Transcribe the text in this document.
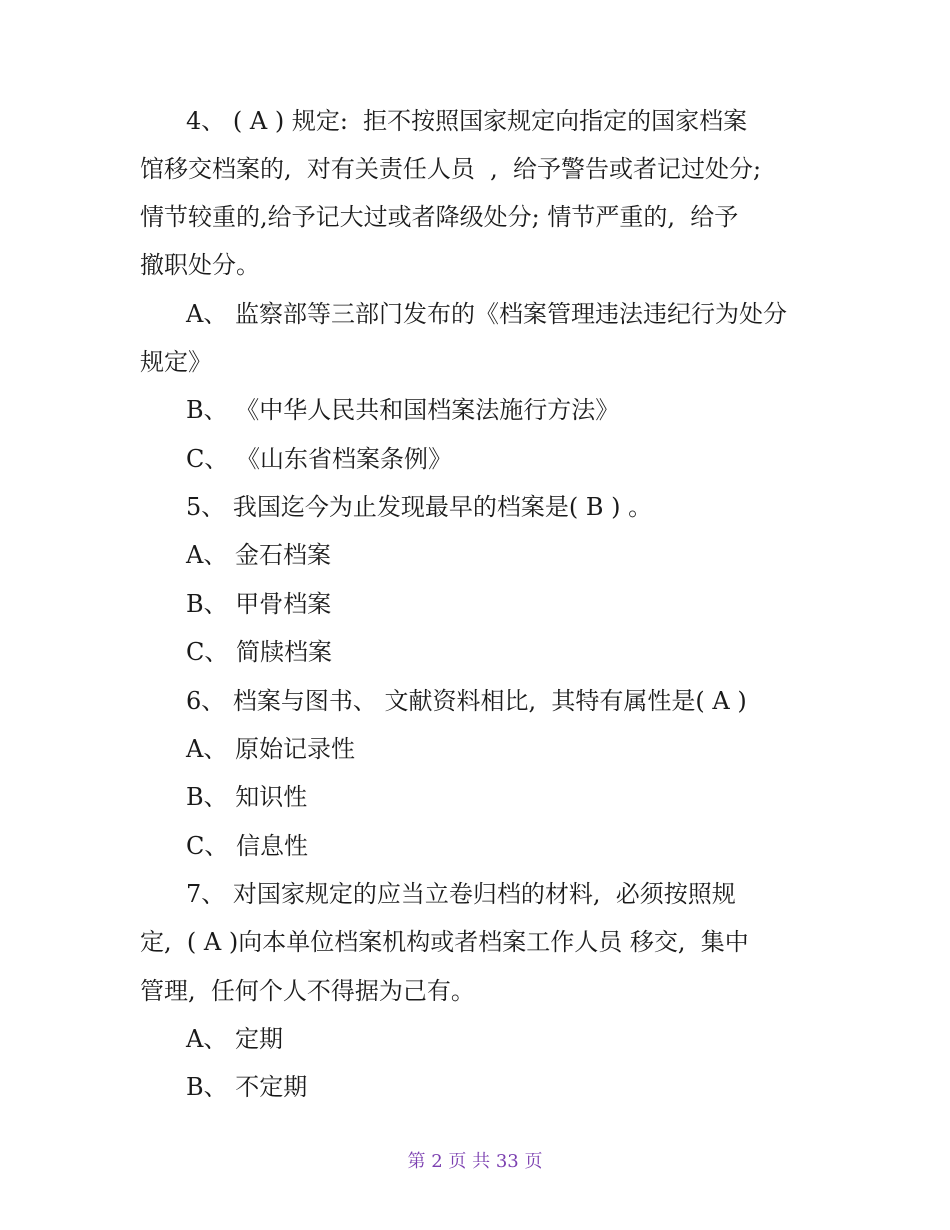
4、 ( A ) 规定:  拒不按照国家规定向指定的国家档案
馆移交档案的,  对有关责任人员  ,  给予警告或者记过处分;
情节较重的,给予记大过或者降级处分; 情节严重的,  给予
撤职处分。
A、 监察部等三部门发布的《档案管理违法违纪行为处分
规定》
B、 《中华人民共和国档案法施行方法》
C、 《山东省档案条例》
5、 我国迄今为止发现最早的档案是( B ) 。
A、 金石档案
B、 甲骨档案
C、 简牍档案
6、 档案与图书、 文献资料相比,  其特有属性是( A )
A、 原始记录性
B、 知识性
C、 信息性
7、 对国家规定的应当立卷归档的材料,  必须按照规
定,  ( A )向本单位档案机构或者档案工作人员 移交,  集中
管理,  任何个人不得据为己有。
A、 定期
B、 不定期
第 2 页 共 33 页
